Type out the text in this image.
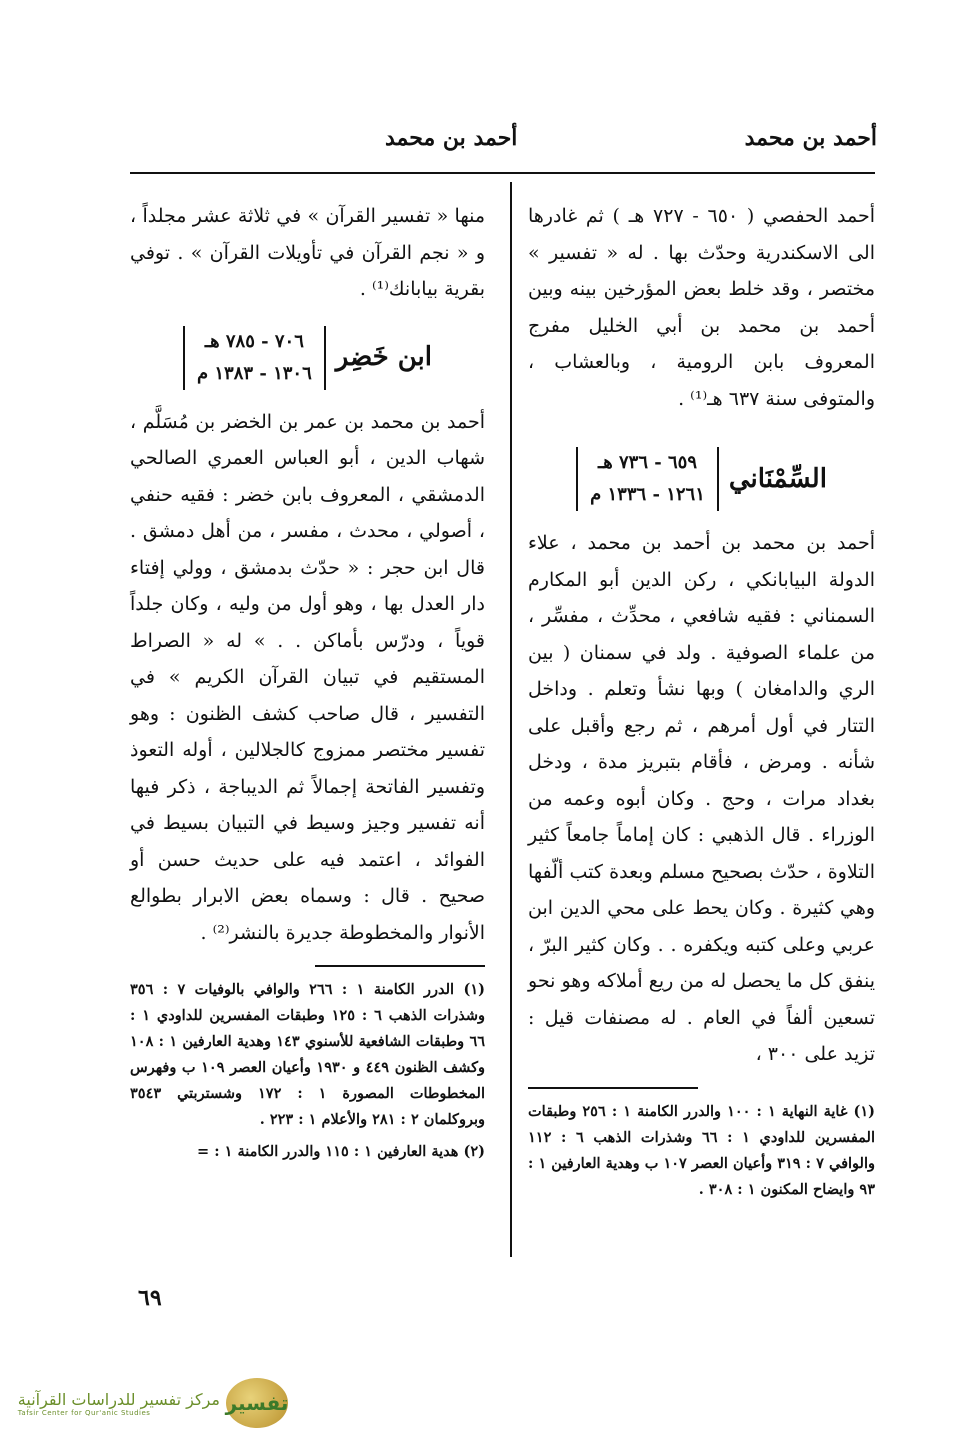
أحمد بن محمد
أحمد بن محمد

أحمد الحفصي ( ٦٥٠ - ٧٢٧ هـ ) ثم غادرها الى الاسكندرية وحدّث بها . له « تفسير » مختصر ، وقد خلط بعض المؤرخين بينه وبين أحمد بن محمد بن أبي الخليل مفرج المعروف بابن الرومية ، وبالعشاب ، والمتوفى سنة ٦٣٧ هـ⁽¹⁾ .

السِّمْنَاني
٦٥٩ - ٧٣٦ هـ
١٢٦١ - ١٣٣٦ م

أحمد بن محمد بن أحمد بن محمد ، علاء الدولة البيابانكي ، ركن الدين أبو المكارم السمناني : فقيه شافعي ، محدِّث ، مفسِّر ، من علماء الصوفية . ولد في سمنان ( بين الري والدامغان ) وبها نشأ وتعلم . وداخل التتار في أول أمرهم ، ثم رجع وأقبل على شأنه . ومرض ، فأقام بتبريز مدة ، ودخل بغداد مرات ، وحج . وكان أبوه وعمه من الوزراء . قال الذهبي : كان إماماً جامعاً كثير التلاوة ، حدّث بصحيح مسلم وبعدة كتب ألّفها وهي كثيرة . وكان يحط على محي الدين ابن عربي وعلى كتبه ويكفره . . وكان كثير البرّ ، ينفق كل ما يحصل له من ريع أملاكه وهو نحو تسعين ألفاً في العام . له مصنفات قيل : تزيد على ٣٠٠ ،

(١) غاية النهاية ١ : ١٠٠ والدرر الكامنة ١ : ٢٥٦ وطبقات المفسرين للداودي ١ : ٦٦ وشذرات الذهب ٦ : ١١٢ والوافي ٧ : ٣١٩ وأعيان العصر ١٠٧ ب وهدية العارفين ١ : ٩٣ وايضاح المكنون ١ : ٣٠٨ .

منها « تفسير القرآن » في ثلاثة عشر مجلداً ، و « نجم القرآن في تأويلات القرآن » . توفي بقرية بيابانك⁽¹⁾ .

ابن خَضِر
٧٠٦ - ٧٨٥ هـ
١٣٠٦ - ١٣٨٣ م

أحمد بن محمد بن عمر بن الخضر بن مُسَلَّم ، شهاب الدين ، أبو العباس العمري الصالحي الدمشقي ، المعروف بابن خضر : فقيه حنفي ، أصولي ، محدث ، مفسر ، من أهل دمشق . قال ابن حجر : « حدّث بدمشق ، وولي إفتاء دار العدل بها ، وهو أول من وليه ، وكان جلداً قوياً ، ودرّس بأماكن . . » له « الصراط المستقيم في تبيان القرآن الكريم » في التفسير ، قال صاحب كشف الظنون : وهو تفسير مختصر ممزوج كالجلالين ، أوله التعوذ وتفسير الفاتحة إجمالاً ثم الديباجة ، ذكر فيها أنه تفسير وجيز وسيط في التبيان بسيط في الفوائد ، اعتمد فيه على حديث حسن أو صحيح . قال : وسماه بعض الابرار بطوالع الأنوار والمخطوطة جديرة بالنشر⁽²⁾ .

(١) الدرر الكامنة ١ : ٢٦٦ والوافي بالوفيات ٧ : ٣٥٦ وشذرات الذهب ٦ : ١٢٥ وطبقات المفسرين للداودي ١ : ٦٦ وطبقات الشافعية للأسنوي ١٤٣ وهدية العارفين ١ : ١٠٨ وكشف الظنون ٤٤٩ و ١٩٣٠ وأعيان العصر ١٠٩ ب وفهرس المخطوطات المصورة ١ : ١٧٢ وشستربتي ٣٥٤٣ وبروكلمان ٢ : ٢٨١ والأعلام ١ : ٢٢٣ .
(٢) هدية العارفين ١ : ١١٥ والدرر الكامنة ١ : =
٦٩
تفسير
مركز تفسير للدراسات القرآنية
Tafsir Center for Qur'anic Studies
